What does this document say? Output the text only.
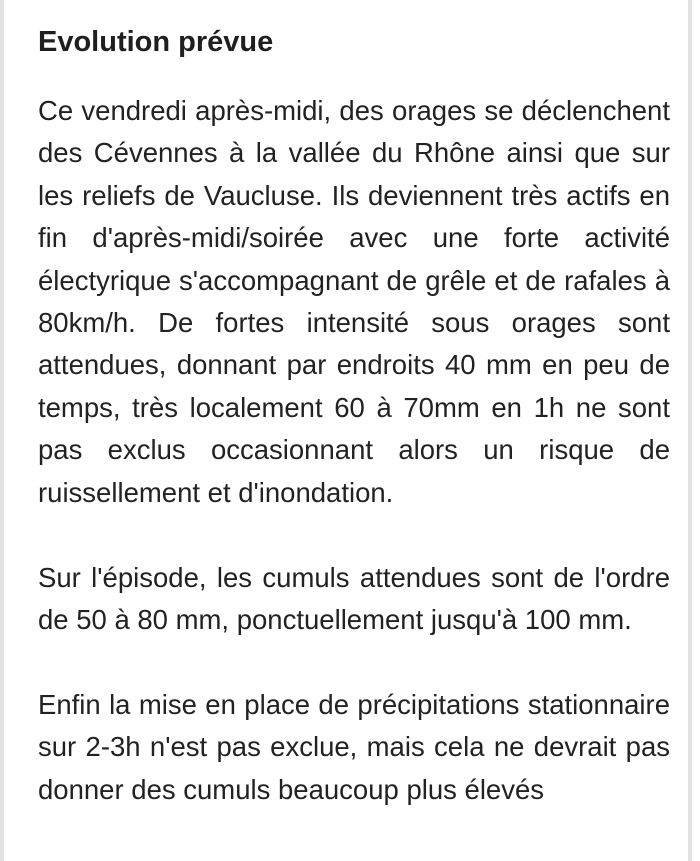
Evolution prévue

Ce vendredi après-midi, des orages se déclenchent des Cévennes à la vallée du Rhône ainsi que sur les reliefs de Vaucluse. Ils deviennent très actifs en fin d'après-midi/soirée avec une forte activité électyrique s'accompagnant de grêle et de rafales à 80km/h. De fortes intensité sous orages sont attendues, donnant par endroits 40 mm en peu de temps, très localement 60 à 70mm en 1h ne sont pas exclus occasionnant alors un risque de ruissellement et d'inondation.

Sur l'épisode, les cumuls attendues sont de l'ordre de 50 à 80 mm, ponctuellement jusqu'à 100 mm.

Enfin la mise en place de précipitations stationnaire sur 2-3h n'est pas exclue, mais cela ne devrait pas donner des cumuls beaucoup plus élevés
